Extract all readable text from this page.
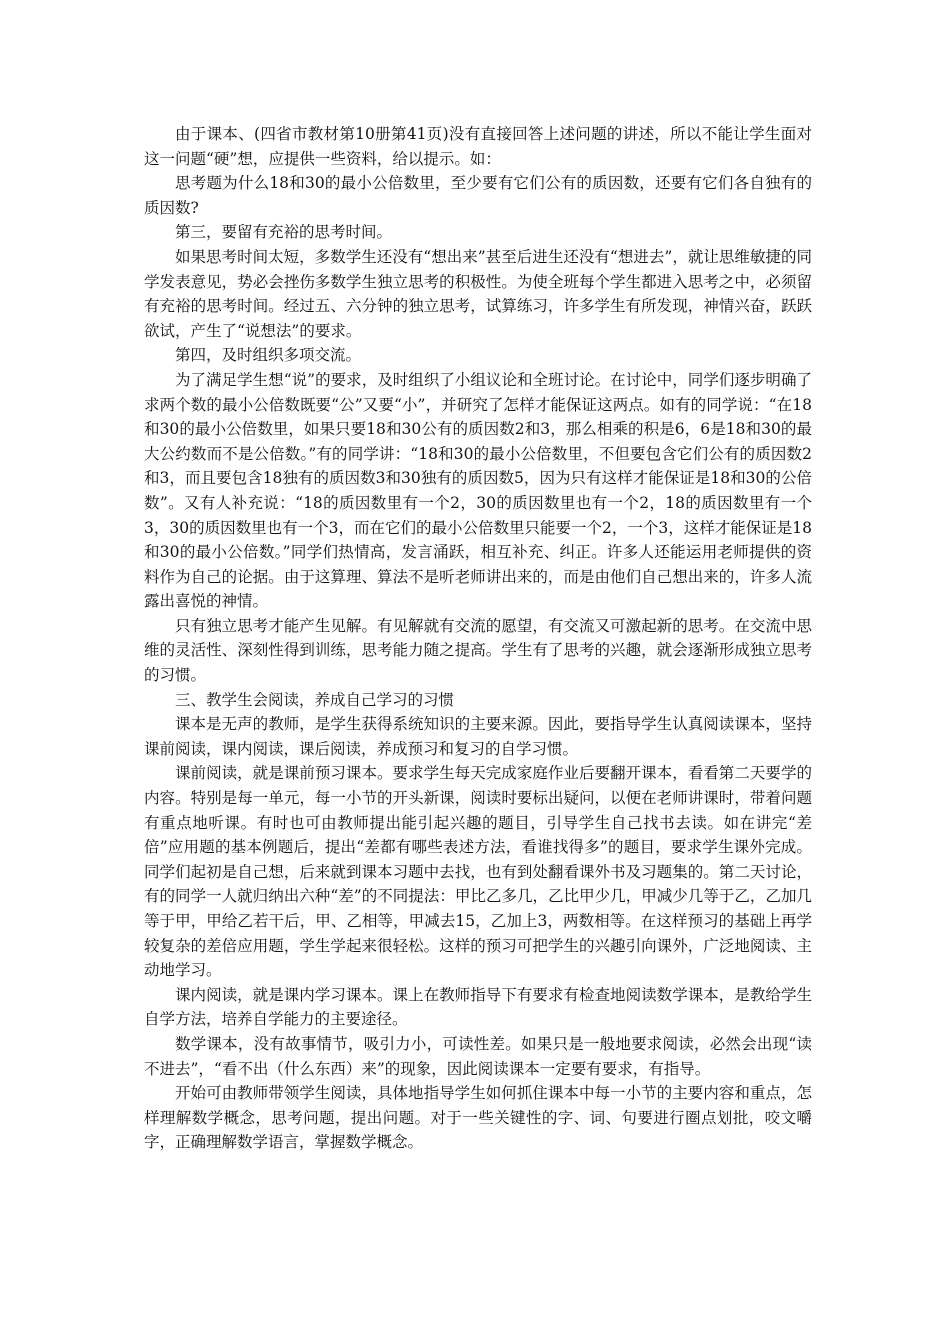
由于课本、(四省市教材第10册第41页)没有直接回答上述问题的讲述，所以不能让学生面对这一问题“硬”想，应提供一些资料，给以提示。如：

思考题为什么18和30的最小公倍数里，至少要有它们公有的质因数，还要有它们各自独有的质因数?

第三，要留有充裕的思考时间。

如果思考时间太短，多数学生还没有“想出来”甚至后进生还没有“想进去”，就让思维敏捷的同学发表意见，势必会挫伤多数学生独立思考的积极性。为使全班每个学生都进入思考之中，必须留有充裕的思考时间。经过五、六分钟的独立思考，试算练习，许多学生有所发现，神情兴奋，跃跃欲试，产生了“说想法”的要求。

第四，及时组织多项交流。

为了满足学生想“说”的要求，及时组织了小组议论和全班讨论。在讨论中，同学们逐步明确了求两个数的最小公倍数既要“公”又要“小”，并研究了怎样才能保证这两点。如有的同学说：“在18和30的最小公倍数里，如果只要18和30公有的质因数2和3，那么相乘的积是6，6是18和30的最大公约数而不是公倍数。”有的同学讲：“18和30的最小公倍数里，不但要包含它们公有的质因数2和3，而且要包含18独有的质因数3和30独有的质因数5，因为只有这样才能保证是18和30的公倍数”。又有人补充说：“18的质因数里有一个2，30的质因数里也有一个2，18的质因数里有一个3，30的质因数里也有一个3，而在它们的最小公倍数里只能要一个2，一个3，这样才能保证是18和30的最小公倍数。”同学们热情高，发言涌跃，相互补充、纠正。许多人还能运用老师提供的资料作为自己的论据。由于这算理、算法不是听老师讲出来的，而是由他们自己想出来的，许多人流露出喜悦的神情。

只有独立思考才能产生见解。有见解就有交流的愿望，有交流又可激起新的思考。在交流中思维的灵活性、深刻性得到训练，思考能力随之提高。学生有了思考的兴趣，就会逐渐形成独立思考的习惯。

三、教学生会阅读，养成自己学习的习惯

课本是无声的教师，是学生获得系统知识的主要来源。因此，要指导学生认真阅读课本，坚持课前阅读，课内阅读，课后阅读，养成预习和复习的自学习惯。

课前阅读，就是课前预习课本。要求学生每天完成家庭作业后要翻开课本，看看第二天要学的内容。特别是每一单元，每一小节的开头新课，阅读时要标出疑问，以便在老师讲课时，带着问题有重点地听课。有时也可由教师提出能引起兴趣的题目，引导学生自己找书去读。如在讲完“差倍”应用题的基本例题后，提出“差都有哪些表述方法，看谁找得多”的题目，要求学生课外完成。同学们起初是自己想，后来就到课本习题中去找，也有到处翻看课外书及习题集的。第二天讨论，有的同学一人就归纳出六种“差”的不同提法：甲比乙多几，乙比甲少几，甲减少几等于乙，乙加几等于甲，甲给乙若干后，甲、乙相等，甲减去15，乙加上3，两数相等。在这样预习的基础上再学较复杂的差倍应用题，学生学起来很轻松。这样的预习可把学生的兴趣引向课外，广泛地阅读、主动地学习。

课内阅读，就是课内学习课本。课上在教师指导下有要求有检查地阅读数学课本，是教给学生自学方法，培养自学能力的主要途径。

数学课本，没有故事情节，吸引力小，可读性差。如果只是一般地要求阅读，必然会出现“读不进去”，“看不出（什么东西）来”的现象，因此阅读课本一定要有要求，有指导。

开始可由教师带领学生阅读，具体地指导学生如何抓住课本中每一小节的主要内容和重点，怎样理解数学概念，思考问题，提出问题。对于一些关键性的字、词、句要进行圈点划批，咬文嚼字，正确理解数学语言，掌握数学概念。
